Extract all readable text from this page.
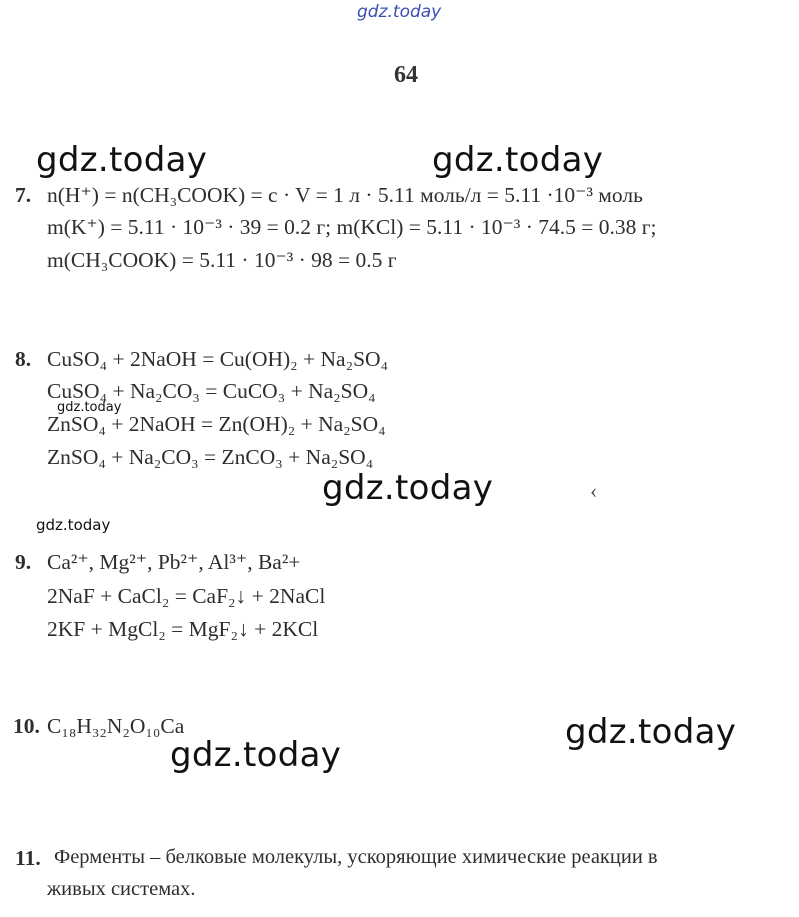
gdz.today
64
gdz.today	gdz.today
gdz.today
gdz.today
gdz.today
gdz.today
gdz.today
‹
7. n(H⁺) = n(CH₃COOK) = c · V = 1 л · 5.11 моль/л = 5.11 ·10⁻³ моль
m(K⁺) = 5.11 · 10⁻³ · 39 = 0.2 г; m(KCl) = 5.11 · 10⁻³ · 74.5 = 0.38 г;
m(CH₃COOK) = 5.11 · 10⁻³ · 98 = 0.5 г
8. CuSO₄ + 2NaOH = Cu(OH)₂ + Na₂SO₄
CuSO₄ + Na₂CO₃ = CuCO₃ + Na₂SO₄
ZnSO₄ + 2NaOH = Zn(OH)₂ + Na₂SO₄
ZnSO₄ + Na₂CO₃ = ZnCO₃ + Na₂SO₄
9. Ca²⁺, Mg²⁺, Pb²⁺, Al³⁺, Ba²+
2NaF + CaCl₂ = CaF₂↓ + 2NaCl
2KF + MgCl₂ = MgF₂↓ + 2KCl
10. C₁₈H₃₂N₂O₁₀Ca
11. Ферменты – белковые молекулы, ускоряющие химические реакции в
живых системах.
